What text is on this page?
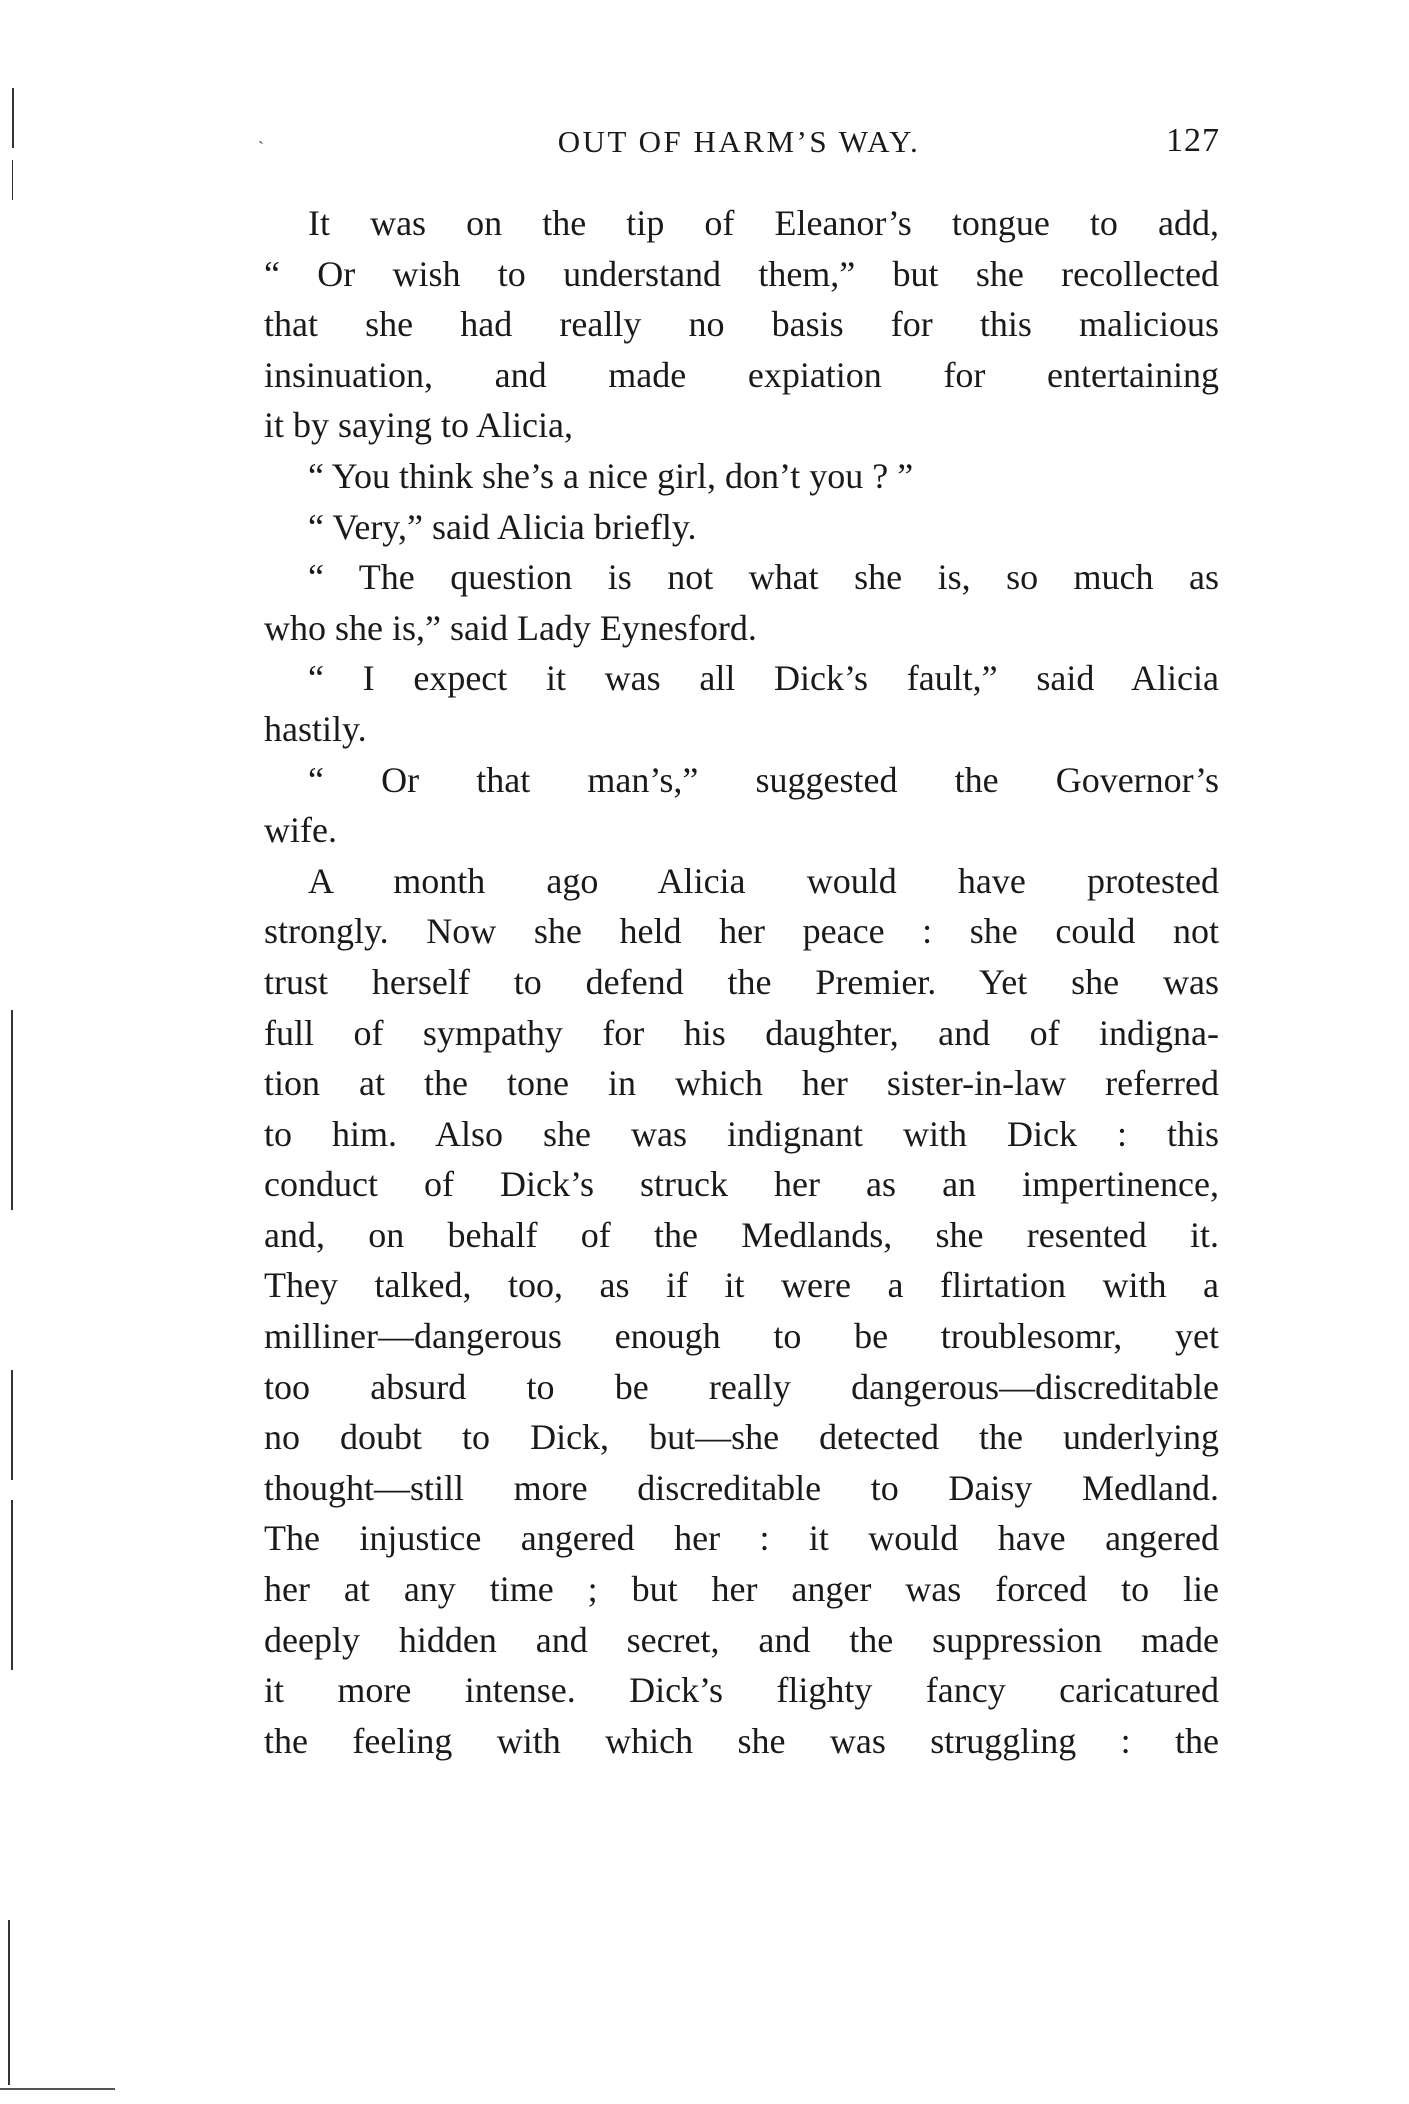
`	OUT OF HARM’S WAY.	127
It was on the tip of Eleanor’s tongue to add,
“ Or wish to understand them,” but she recollected
that she had really no basis for this malicious
insinuation, and made expiation for entertaining
it by saying to Alicia,
“ You think she’s a nice girl, don’t you ? ”
“ Very,” said Alicia briefly.
“ The question is not what she is, so much as
who she is,” said Lady Eynesford.
“ I expect it was all Dick’s fault,” said Alicia
hastily.
“ Or that man’s,” suggested the Governor’s
wife.
A month ago Alicia would have protested
strongly. Now she held her peace : she could not
trust herself to defend the Premier. Yet she was
full of sympathy for his daughter, and of indigna-
tion at the tone in which her sister-in-law referred
to him. Also she was indignant with Dick : this
conduct of Dick’s struck her as an impertinence,
and, on behalf of the Medlands, she resented it.
They talked, too, as if it were a flirtation with a
milliner—dangerous enough to be troublesomr, yet
too absurd to be really dangerous—discreditable
no doubt to Dick, but—she detected the underlying
thought—still more discreditable to Daisy Medland.
The injustice angered her : it would have angered
her at any time ; but her anger was forced to lie
deeply hidden and secret, and the suppression made
it more intense. Dick’s flighty fancy caricatured
the feeling with which she was struggling : the
